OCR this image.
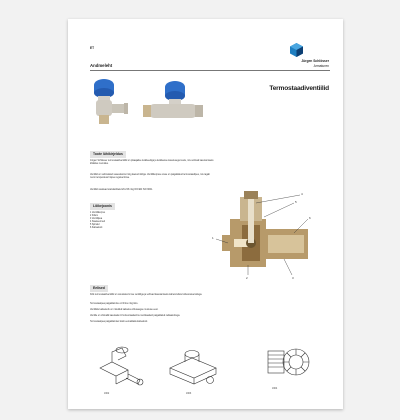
ET
Jürgen Schlösser
Armaturen
Andmeleht
Termostaadiventiilid
Toote lühikirjeldus

Jürgen Schlösser termostaadiventiilid on pikaajalise kvaliteediga ja kvaliteetse kasutusega toode, mis sobivad kasutamiseks kõikides ruumides.

Ventiilid on valmistatud vasesulamist ning kaetud nikliga. Ventiilikorpuse sisse on paigaldatud termostaadipea, mis tagab ruumi temperatuuri täpse reguleerimise.

Ventiilid vastavad standarditele EN 215 ning DIN EN ISO 9001.

Lõikejoonis
1 Ventiilikorpus
2 Kiilum
3 Ventiilipea
4 Sisekeermed
5 Spindel
6 Kaitsekork
4
5
6
1
2	3
Eelised

Kõik termostaadiventiilid on varustatud 2-tee ventiiliga ja sobivad kasutamiseks kahetoruliste küttesüsteemidega.

Termostaatpea paigaldamine on lihtne ning kiire.

Ventiilide kaitsekork on mõeldud kaitseks ehitusaegse mustuse eest.

Ventiile on võimalik kasutada nii horisontaalselt kui vertikaalselt paigaldatud radiaatoritega.

Termostaatpea paigaldamisel tuleb eemaldada kaitsekork.

J002	J003
J004
